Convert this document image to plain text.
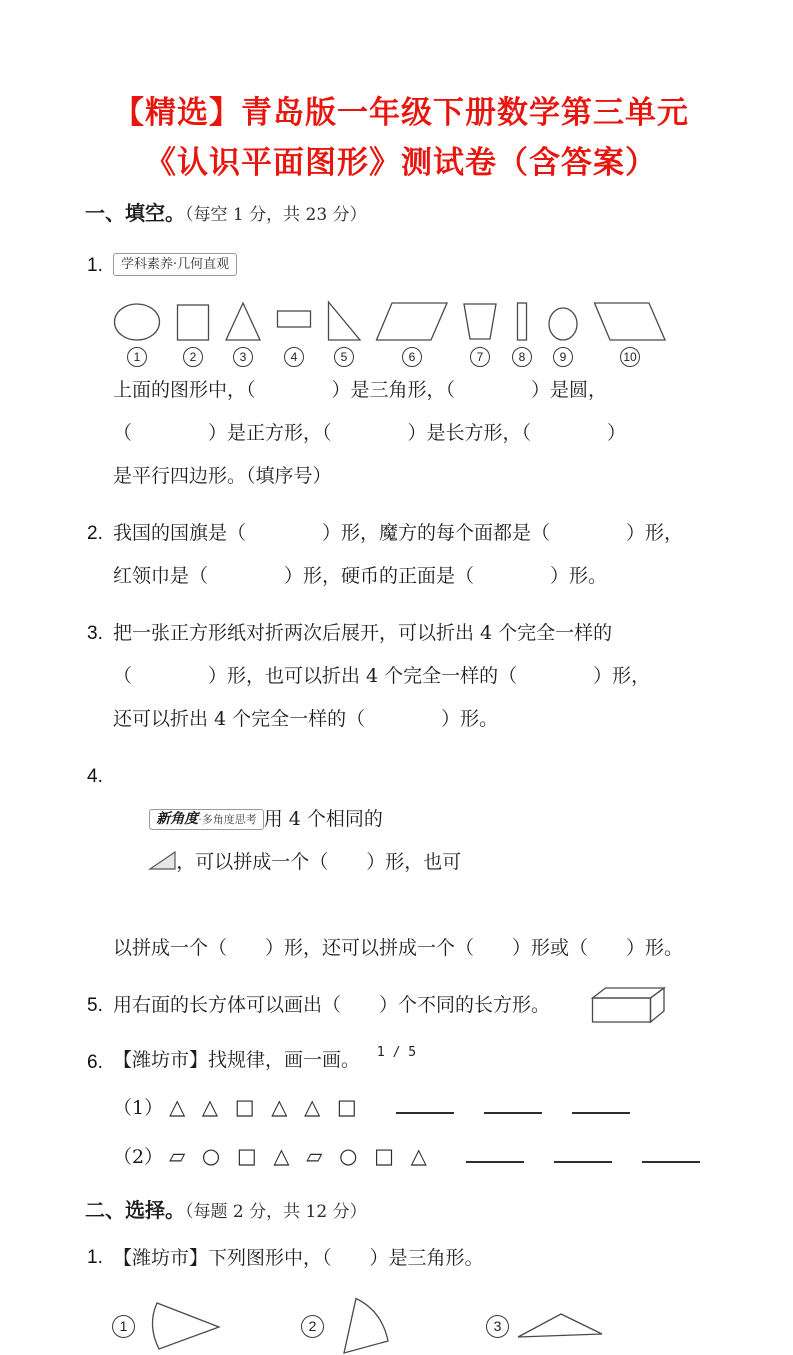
【精选】青岛版一年级下册数学第三单元
《认识平面图形》测试卷（含答案）
一、填空。（每空 1 分，共 23 分）
1. 学科素养·几何直观
1	2	3	4	5	6	7	8	9	10
上面的图形中，（　　　　）是三角形，（　　　　）是圆，
（　　　　）是正方形，（　　　　）是长方形，（　　　　）
是平行四边形。（填序号）
2. 我国的国旗是（　　　　）形，魔方的每个面都是（　　　　）形，
红领巾是（　　　　）形，硬币的正面是（　　　　）形。
3. 把一张正方形纸对折两次后展开，可以折出 4 个完全一样的
（　　　　）形，也可以折出 4 个完全一样的（　　　　）形，
还可以折出 4 个完全一样的（　　　　）形。
4.

新角度·多角度思考 用 4 个相同的
，可以拼成一个（　　）形，也可

以拼成一个（　　）形，还可以拼成一个（　　）形或（　　）形。
5. 用右面的长方体可以画出（　　）个不同的长方形。
6. 【潍坊市】找规律，画一画。
（1） △ △ □ △ △ □
（2） ▱ ○ □ △ ▱ ○ □ △
二、选择。（每题 2 分，共 12 分）
1. 【潍坊市】下列图形中，（　　）是三角形。
1	2	3
1 / 5
